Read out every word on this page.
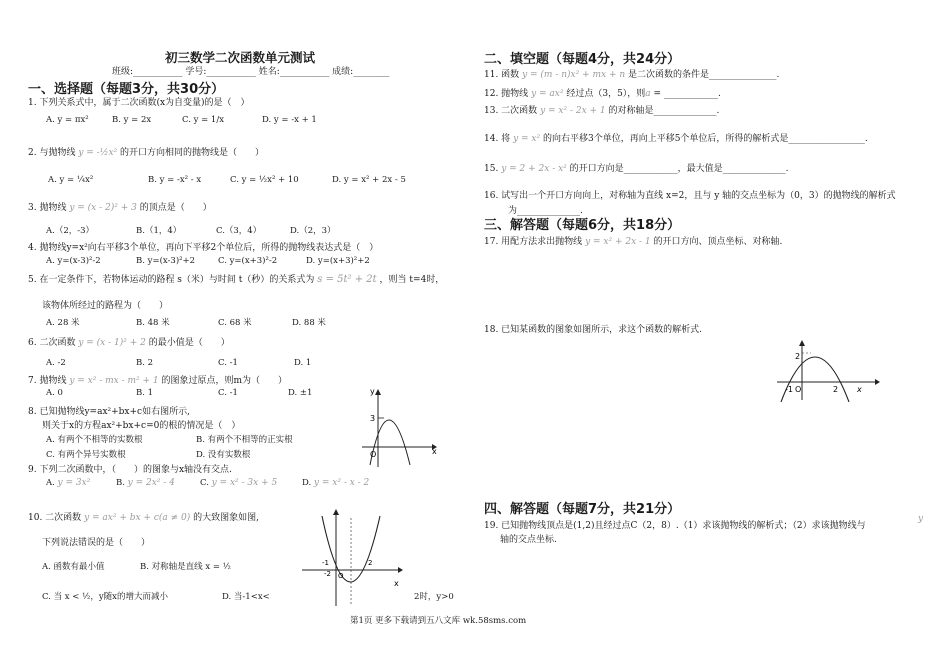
初三数学二次函数单元测试
班级:___________ 学号:___________ 姓名:___________ 成绩:________
一、选择题（每题3分，共30分）
1. 下列关系式中，属于二次函数(x为自变量)的是（　）
A. y = πx²	B. y = 2x	C. y = 1/x	D. y = -x + 1
2. 与抛物线 y = -½x² 的开口方向相同的抛物线是（　　）
A. y = ¼x²	B. y = -x² - x	C. y = ½x² + 10	D. y = x² + 2x - 5
3. 抛物线 y = (x - 2)² + 3 的顶点是（　　）
A.（2，-3）	B.（1，4）	C.（3，4）	D.（2，3）
4. 抛物线y=x²向右平移3个单位，再向下平移2个单位后，所得的抛物线表达式是（　）
A. y=(x-3)²-2	B. y=(x-3)²+2	C. y=(x+3)²-2	D. y=(x+3)²+2
5. 在一定条件下，若物体运动的路程 s（米）与时间 t（秒）的关系式为 s = 5t² + 2t ，则当 t=4时，
该物体所经过的路程为（　　）
A. 28 米	B. 48 米	C. 68 米	D. 88 米
6. 二次函数 y = (x - 1)² + 2 的最小值是（　　）
A. -2	B. 2	C. -1	D. 1
7. 抛物线 y = x² - mx - m² + 1 的图象过原点，则m为（　　）
A. 0	B. 1	C. -1	D. ±1
8. 已知抛物线y=ax²+bx+c如右图所示,
则关于x的方程ax²+bx+c=0的根的情况是（　）
A. 有两个不相等的实数根	B. 有两个不相等的正实根
C. 有两个异号实数根	D. 没有实数根
y
x
O
3
9. 下列二次函数中，（　　）的图象与x轴没有交点.
A. y = 3x²	B. y = 2x² - 4	C. y = x² - 3x + 5	D. y = x² - x - 2
10. 二次函数 y = ax² + bx + c(a ≠ 0) 的大致图象如图,
下列说法错误的是（　　）
A. 函数有最小值	B. 对称轴是直线 x = ½
C. 当 x < ½，y随x的增大而减小	D. 当-1<x<	2时，y>0
x
-1	2
-2 O
二、填空题（每题4分，共24分）
11. 函数 y = (m - n)x² + mx + n 是二次函数的条件是_______________.
12. 抛物线 y = ax² 经过点（3，5），则a = ____________.
13. 二次函数 y = x² - 2x + 1 的对称轴是______________.
14. 将 y = x² 的向右平移3个单位，再向上平移5个单位后，所得的解析式是_________________.
15. y = 2 + 2x - x² 的开口方向是____________，最大值是______________.
16. 试写出一个开口方向向上，对称轴为直线 x=2，且与 y 轴的交点坐标为（0，3）的抛物线的解析式
为______________.
三、解答题（每题6分，共18分）
17. 用配方法求出抛物线 y = x² + 2x - 1 的开口方向、顶点坐标、对称轴.
18. 已知某函数的图象如图所示，求这个函数的解析式.
2
-1 O	2 x
四、解答题（每题7分，共21分）
19. 已知抛物线顶点是(1,2)且经过点C（2，8）.（1）求该抛物线的解析式；（2）求该抛物线与
y
轴的交点坐标.
第1页 更多下载请到五八文库 wk.58sms.com
